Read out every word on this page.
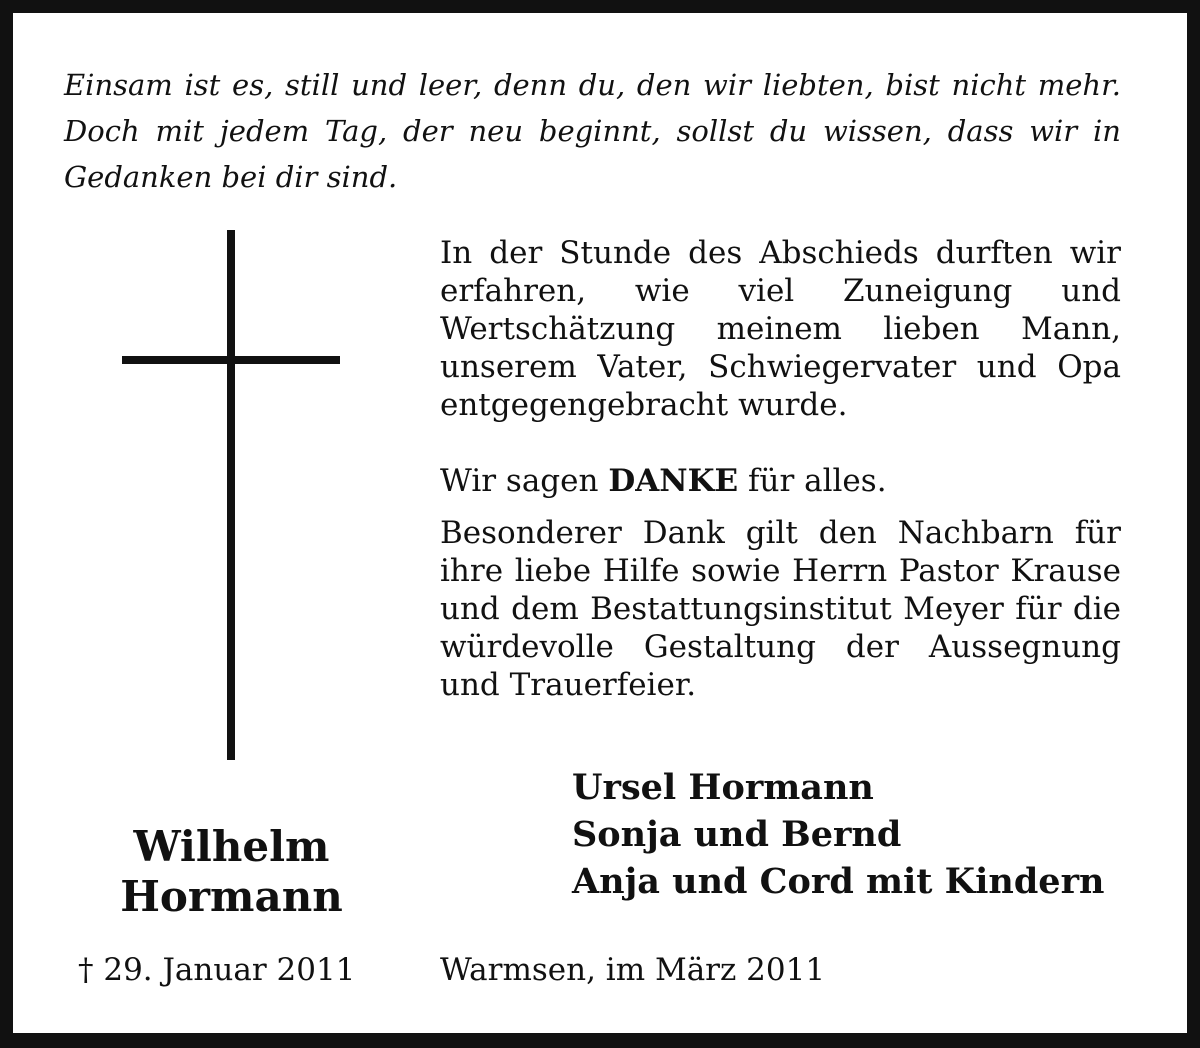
Einsam ist es, still und leer, denn du, den wir liebten, bist nicht mehr. Doch mit jedem Tag, der neu beginnt, sollst du wissen, dass wir in Gedanken bei dir sind.
In der Stunde des Abschieds durften wir erfahren, wie viel Zuneigung und Wertschätzung meinem lieben Mann, unserem Vater, Schwiegervater und Opa entgegengebracht wurde.
Wir sagen DANKE für alles.
Besonderer Dank gilt den Nachbarn für ihre liebe Hilfe sowie Herrn Pastor Krause und dem Bestattungsinstitut Meyer für die würdevolle Gestaltung der Aussegnung und Trauerfeier.
Ursel Hormann
Sonja und Bernd
Anja und Cord mit Kindern
Wilhelm
Hormann
† 29. Januar 2011	Warmsen, im März 2011
